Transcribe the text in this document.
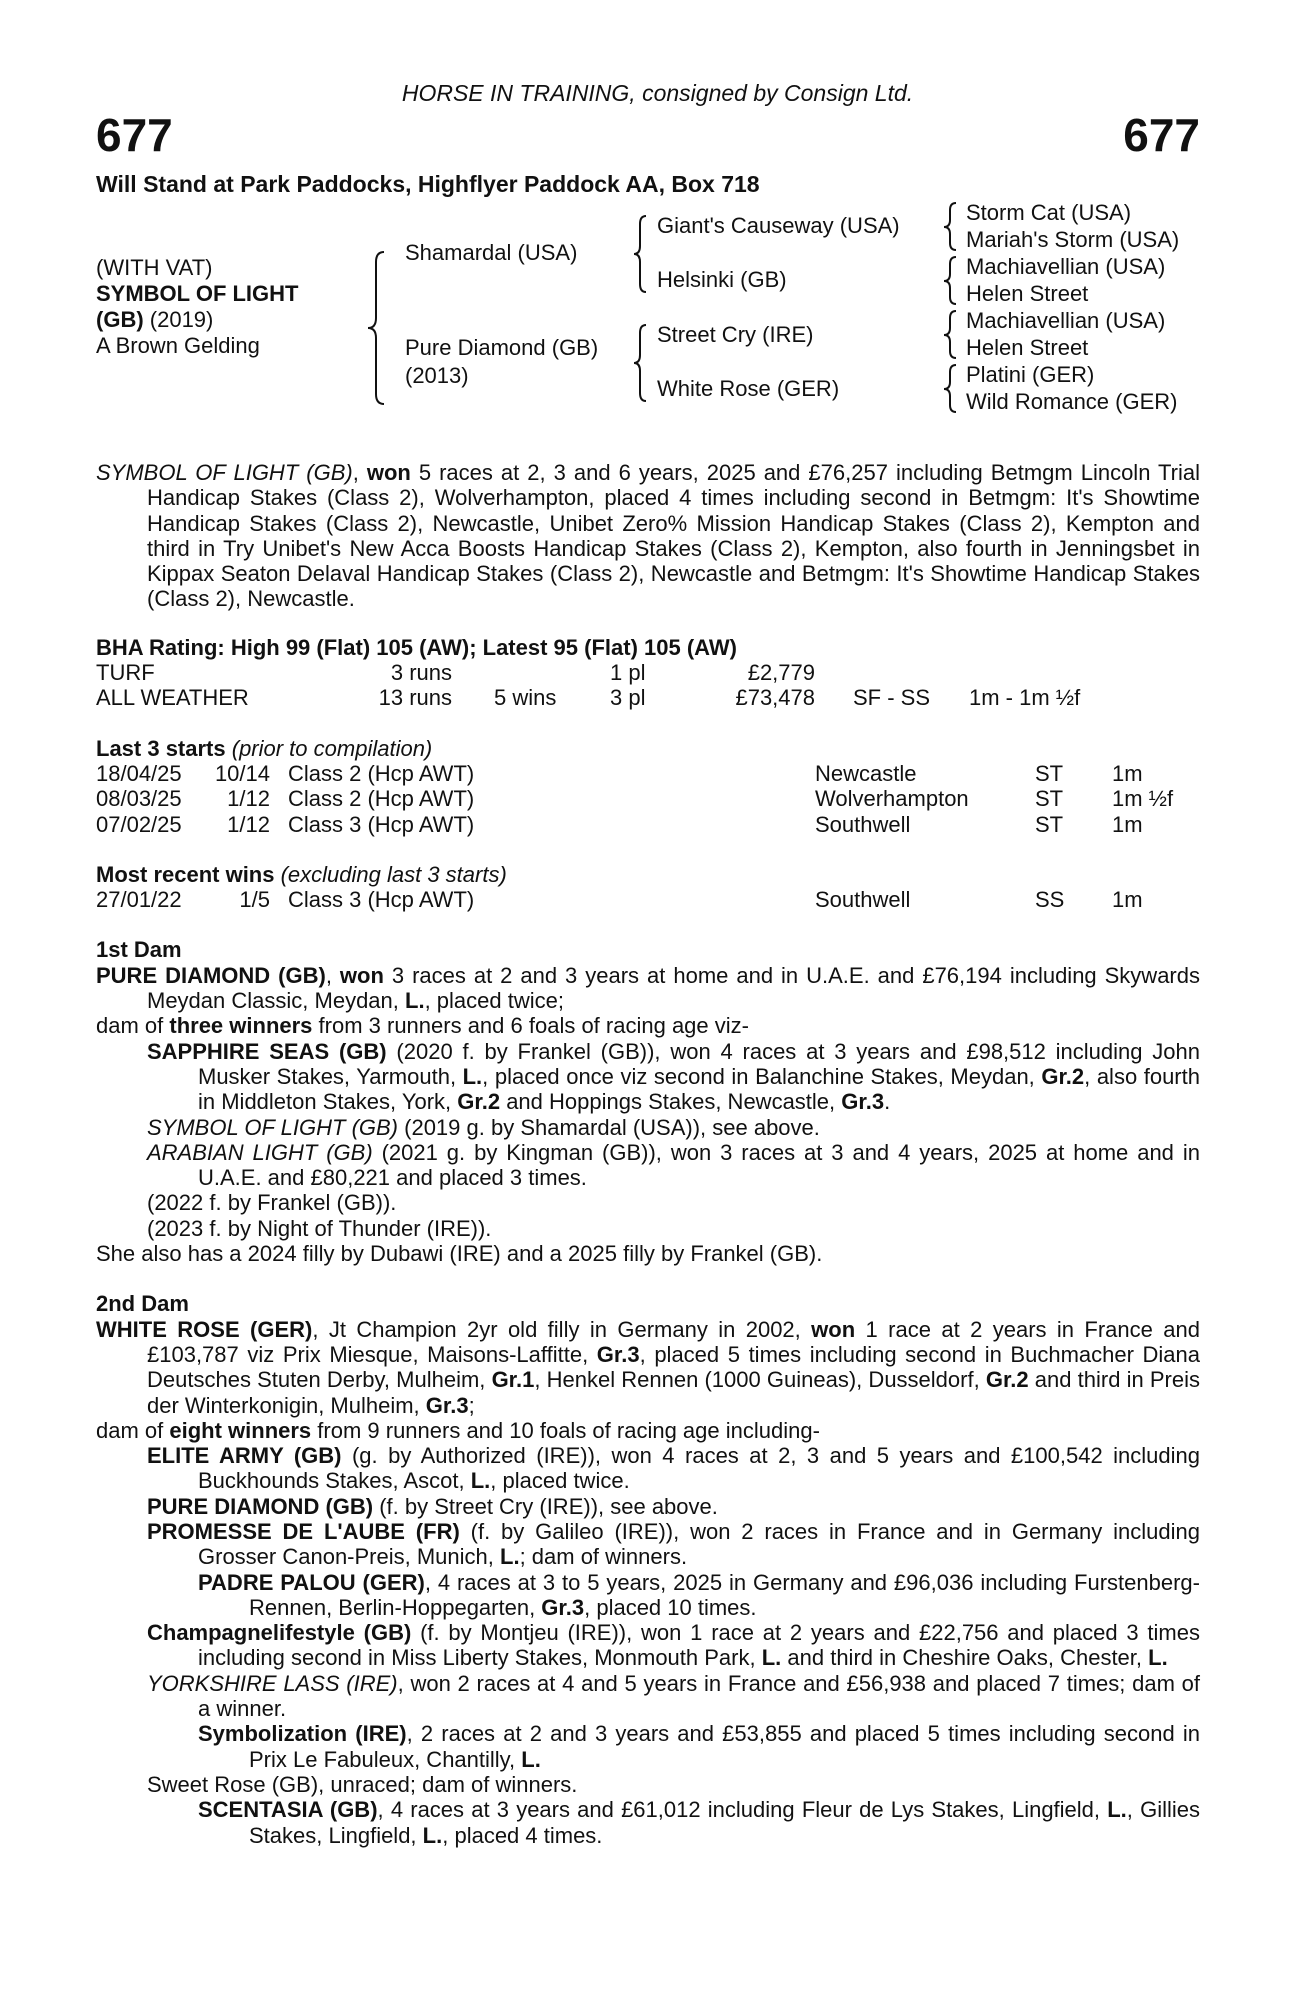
HORSE IN TRAINING, consigned by Consign Ltd.
677	677
Will Stand at Park Paddocks, Highflyer Paddock AA, Box 718
(WITH VAT)
SYMBOL OF LIGHT
(GB) (2019)
A Brown Gelding
Shamardal (USA)
Pure Diamond (GB)
(2013)
Giant's Causeway (USA)
Helsinki (GB)
Street Cry (IRE)
White Rose (GER)
Storm Cat (USA)
Mariah's Storm (USA)
Machiavellian (USA)
Helen Street
Machiavellian (USA)
Helen Street
Platini (GER)
Wild Romance (GER)
SYMBOL OF LIGHT (GB), won 5 races at 2, 3 and 6 years, 2025 and £76,257 including Betmgm Lincoln Trial Handicap Stakes (Class 2), Wolverhampton, placed 4 times including second in Betmgm: It's Showtime Handicap Stakes (Class 2), Newcastle, Unibet Zero% Mission Handicap Stakes (Class 2), Kempton and third in Try Unibet's New Acca Boosts Handicap Stakes (Class 2), Kempton, also fourth in Jenningsbet in Kippax Seaton Delaval Handicap Stakes (Class 2), Newcastle and Betmgm: It's Showtime Handicap Stakes (Class 2), Newcastle.
BHA Rating: High 99 (Flat) 105 (AW); Latest 95 (Flat) 105 (AW)
TURF	3 runs	1 pl	£2,779
ALL WEATHER	13 runs 5 wins 3 pl	£73,478 SF - SS 1m - 1m ½f
Last 3 starts (prior to compilation)
18/04/25 10/14 Class 2 (Hcp AWT)	Newcastle	ST 1m
08/03/25 1/12 Class 2 (Hcp AWT)	Wolverhampton	ST 1m ½f
07/02/25 1/12 Class 3 (Hcp AWT)	Southwell	ST 1m
Most recent wins (excluding last 3 starts)
27/01/22	1/5 Class 3 (Hcp AWT)	Southwell	SS 1m
1st Dam
PURE DIAMOND (GB), won 3 races at 2 and 3 years at home and in U.A.E. and £76,194 including Skywards Meydan Classic, Meydan, L., placed twice;
dam of three winners from 3 runners and 6 foals of racing age viz-
SAPPHIRE SEAS (GB) (2020 f. by Frankel (GB)), won 4 races at 3 years and £98,512 including John Musker Stakes, Yarmouth, L., placed once viz second in Balanchine Stakes, Meydan, Gr.2, also fourth in Middleton Stakes, York, Gr.2 and Hoppings Stakes, Newcastle, Gr.3.
SYMBOL OF LIGHT (GB) (2019 g. by Shamardal (USA)), see above.
ARABIAN LIGHT (GB) (2021 g. by Kingman (GB)), won 3 races at 3 and 4 years, 2025 at home and in U.A.E. and £80,221 and placed 3 times.
(2022 f. by Frankel (GB)).
(2023 f. by Night of Thunder (IRE)).
She also has a 2024 filly by Dubawi (IRE) and a 2025 filly by Frankel (GB).
2nd Dam
WHITE ROSE (GER), Jt Champion 2yr old filly in Germany in 2002, won 1 race at 2 years in France and £103,787 viz Prix Miesque, Maisons-Laffitte, Gr.3, placed 5 times including second in Buchmacher Diana Deutsches Stuten Derby, Mulheim, Gr.1, Henkel Rennen (1000 Guineas), Dusseldorf, Gr.2 and third in Preis der Winterkonigin, Mulheim, Gr.3;
dam of eight winners from 9 runners and 10 foals of racing age including-
ELITE ARMY (GB) (g. by Authorized (IRE)), won 4 races at 2, 3 and 5 years and £100,542 including Buckhounds Stakes, Ascot, L., placed twice.
PURE DIAMOND (GB) (f. by Street Cry (IRE)), see above.
PROMESSE DE L'AUBE (FR) (f. by Galileo (IRE)), won 2 races in France and in Germany including Grosser Canon-Preis, Munich, L.; dam of winners.
PADRE PALOU (GER), 4 races at 3 to 5 years, 2025 in Germany and £96,036 including Furstenberg-Rennen, Berlin-Hoppegarten, Gr.3, placed 10 times.
Champagnelifestyle (GB) (f. by Montjeu (IRE)), won 1 race at 2 years and £22,756 and placed 3 times including second in Miss Liberty Stakes, Monmouth Park, L. and third in Cheshire Oaks, Chester, L.
YORKSHIRE LASS (IRE), won 2 races at 4 and 5 years in France and £56,938 and placed 7 times; dam of a winner.
Symbolization (IRE), 2 races at 2 and 3 years and £53,855 and placed 5 times including second in Prix Le Fabuleux, Chantilly, L.
Sweet Rose (GB), unraced; dam of winners.
SCENTASIA (GB), 4 races at 3 years and £61,012 including Fleur de Lys Stakes, Lingfield, L., Gillies Stakes, Lingfield, L., placed 4 times.
